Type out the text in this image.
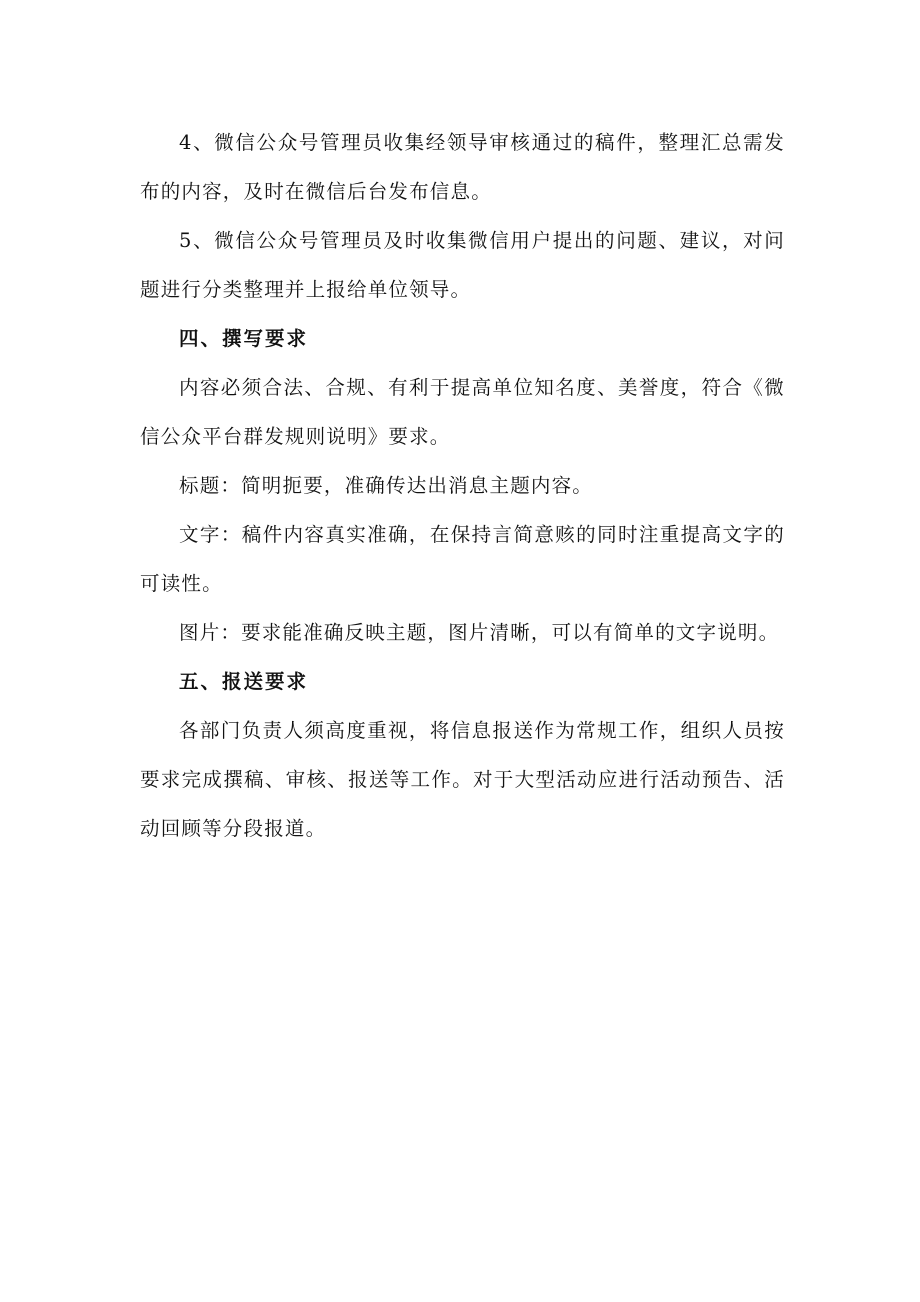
4、微信公众号管理员收集经领导审核通过的稿件，整理汇总需发布的内容，及时在微信后台发布信息。

5、微信公众号管理员及时收集微信用户提出的问题、建议，对问题进行分类整理并上报给单位领导。

四、撰写要求

内容必须合法、合规、有利于提高单位知名度、美誉度，符合《微信公众平台群发规则说明》要求。

标题：简明扼要，准确传达出消息主题内容。

文字：稿件内容真实准确，在保持言简意赅的同时注重提高文字的可读性。

图片：要求能准确反映主题，图片清晰，可以有简单的文字说明。

五、报送要求

各部门负责人须高度重视，将信息报送作为常规工作，组织人员按要求完成撰稿、审核、报送等工作。对于大型活动应进行活动预告、活动回顾等分段报道。
